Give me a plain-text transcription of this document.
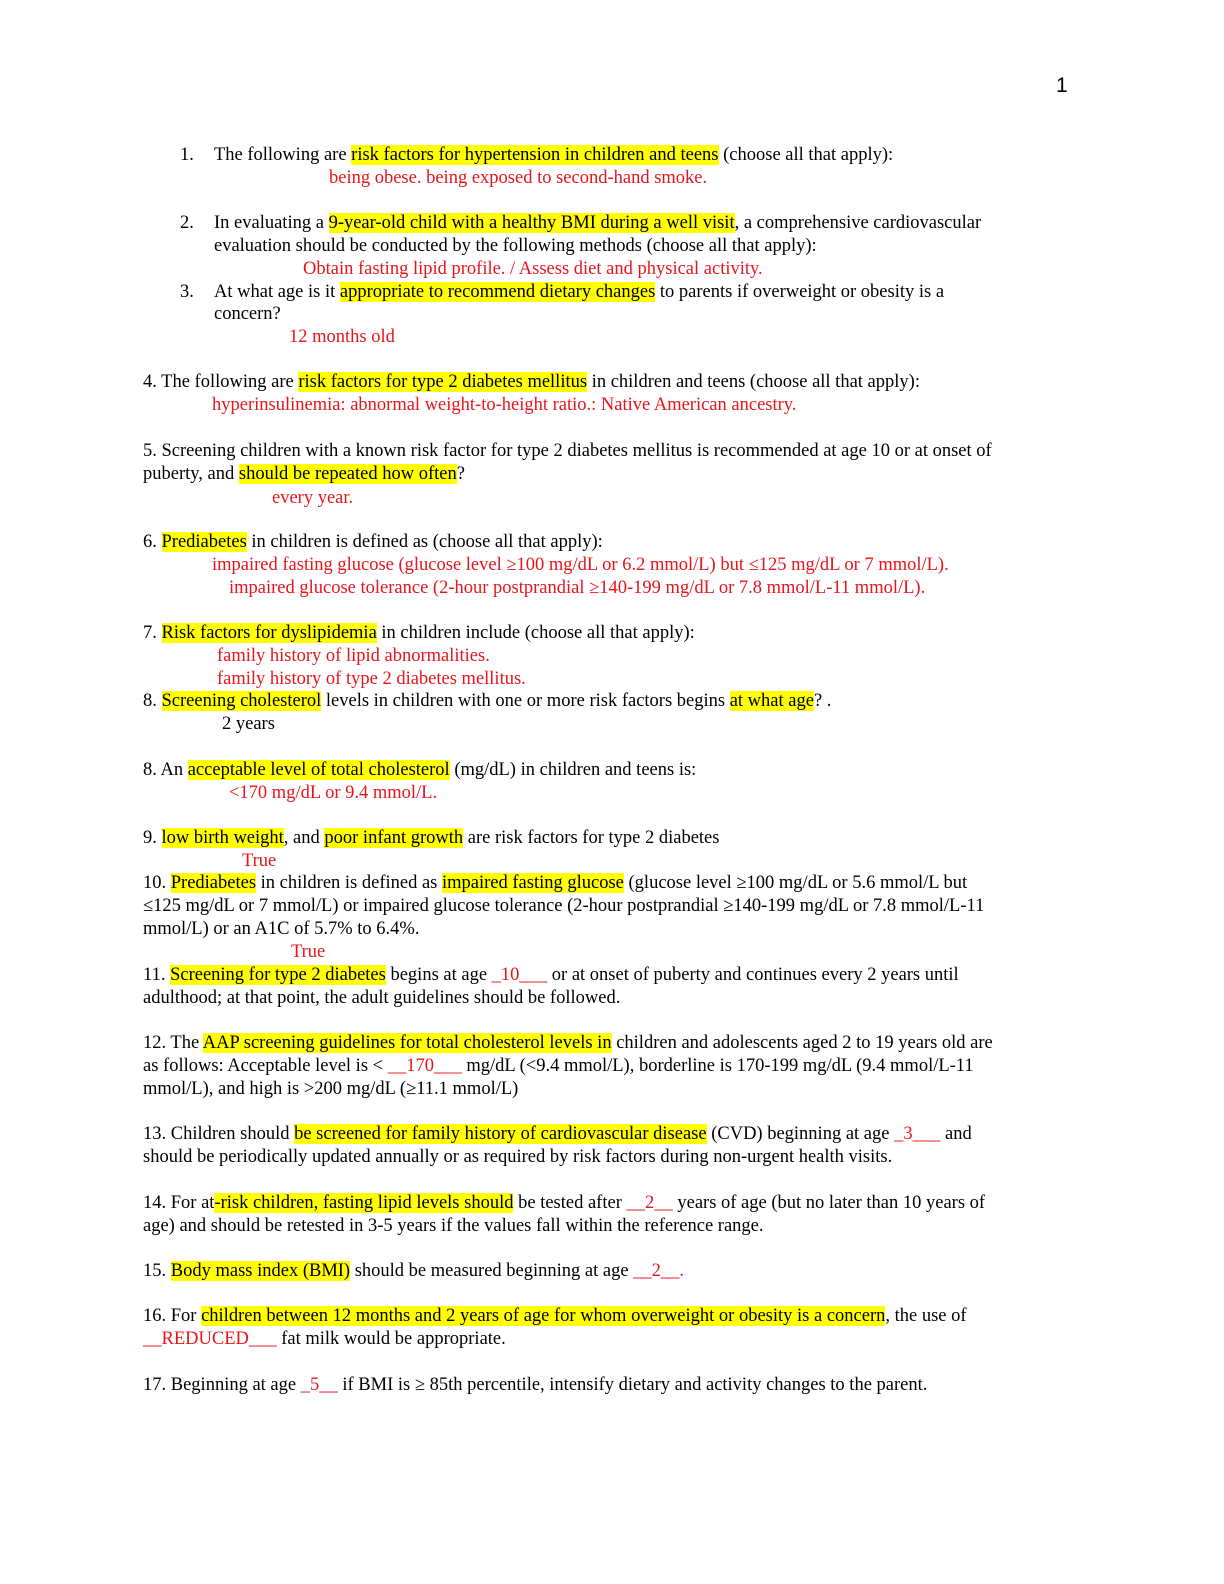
1
1. The following are risk factors for hypertension in children and teens (choose all that apply):
being obese. being exposed to second-hand smoke.
2. In evaluating a 9-year-old child with a healthy BMI during a well visit, a comprehensive cardiovascular
evaluation should be conducted by the following methods (choose all that apply):
Obtain fasting lipid profile. / Assess diet and physical activity.
3. At what age is it appropriate to recommend dietary changes to parents if overweight or obesity is a
concern?
12 months old
4. The following are risk factors for type 2 diabetes mellitus in children and teens (choose all that apply):
hyperinsulinemia: abnormal weight-to-height ratio.: Native American ancestry.
5. Screening children with a known risk factor for type 2 diabetes mellitus is recommended at age 10 or at onset of
puberty, and should be repeated how often?
every year.
6. Prediabetes in children is defined as (choose all that apply):
impaired fasting glucose (glucose level ≥100 mg/dL or 6.2 mmol/L) but ≤125 mg/dL or 7 mmol/L).
impaired glucose tolerance (2-hour postprandial ≥140-199 mg/dL or 7.8 mmol/L-11 mmol/L).
7. Risk factors for dyslipidemia in children include (choose all that apply):
family history of lipid abnormalities.
family history of type 2 diabetes mellitus.
8. Screening cholesterol levels in children with one or more risk factors begins at what age? .
2 years
8. An acceptable level of total cholesterol (mg/dL) in children and teens is:
<170 mg/dL or 9.4 mmol/L.
9. low birth weight, and poor infant growth are risk factors for type 2 diabetes
True
10. Prediabetes in children is defined as impaired fasting glucose (glucose level ≥100 mg/dL or 5.6 mmol/L but
≤125 mg/dL or 7 mmol/L) or impaired glucose tolerance (2-hour postprandial ≥140-199 mg/dL or 7.8 mmol/L-11
mmol/L) or an A1C of 5.7% to 6.4%.
True
11. Screening for type 2 diabetes begins at age _10___ or at onset of puberty and continues every 2 years until
adulthood; at that point, the adult guidelines should be followed.
12. The AAP screening guidelines for total cholesterol levels in children and adolescents aged 2 to 19 years old are
as follows: Acceptable level is < __170___ mg/dL (<9.4 mmol/L), borderline is 170-199 mg/dL (9.4 mmol/L-11
mmol/L), and high is >200 mg/dL (≥11.1 mmol/L)
13. Children should be screened for family history of cardiovascular disease (CVD) beginning at age _3___ and
should be periodically updated annually or as required by risk factors during non-urgent health visits.
14. For at-risk children, fasting lipid levels should be tested after __2__ years of age (but no later than 10 years of
age) and should be retested in 3-5 years if the values fall within the reference range.
15. Body mass index (BMI) should be measured beginning at age __2__.
16. For children between 12 months and 2 years of age for whom overweight or obesity is a concern, the use of
__REDUCED___ fat milk would be appropriate.
17. Beginning at age _5__ if BMI is ≥ 85th percentile, intensify dietary and activity changes to the parent.
